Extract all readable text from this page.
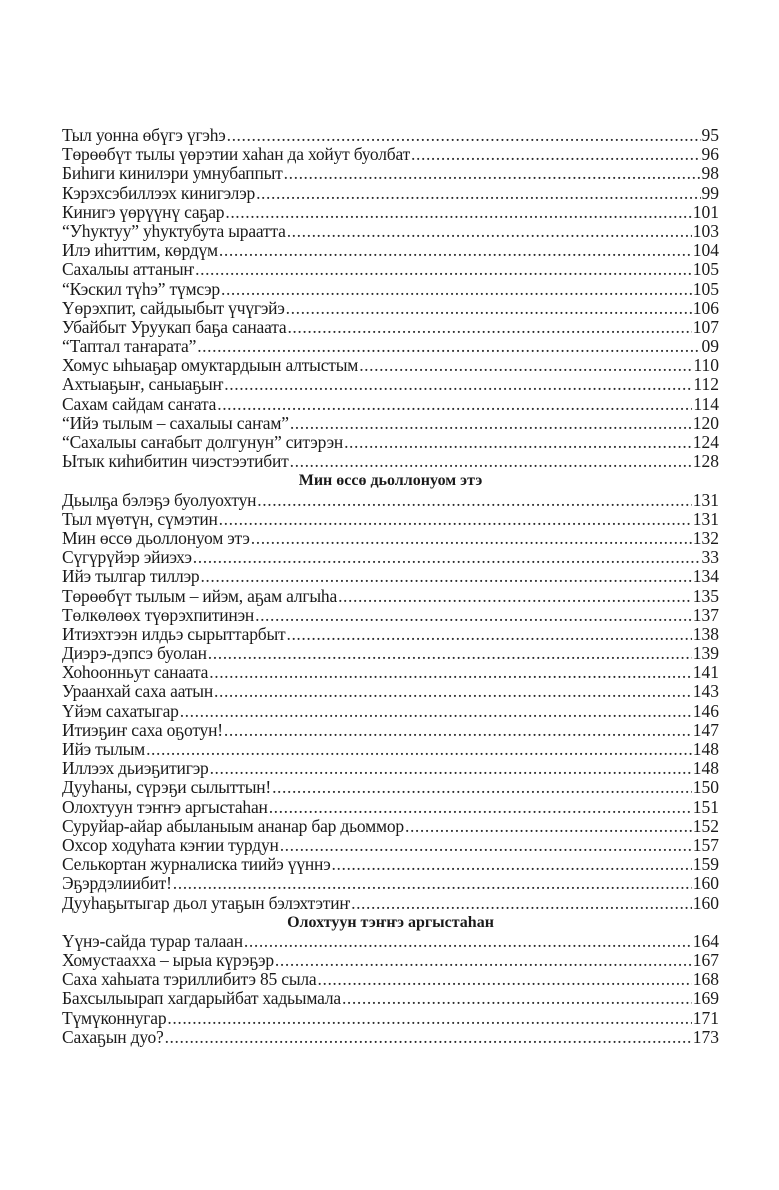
Тыл уонна өбүгэ үгэһэ .....	95
Төрөөбүт тылы үөрэтии хаһан да хойут буолбат .....	96
Биһиги кинилэри умнубаппыт .....	98
Кэрэхсэбиллээх кинигэлэр .....	99
Кинигэ үөрүүнү саҕар .....	101
“Уһуктуу” уһуктубута ыраатта .....	103
Илэ иһиттим, көрдүм .....	104
Сахалыы аттаныҥ .....	105
“Кэскил түһэ” түмсэр .....	105
Үөрэхпит, сайдыыбыт үчүгэйэ .....	106
Убайбыт Уруукап баҕа санаата .....	107
“Таптал таҥарата” .....	09
Хомус ыһыаҕар омуктардыын алтыстым .....	110
Ахтыаҕыҥ, саныаҕыҥ .....	112
Сахам сайдам саҥата .....	114
“Ийэ тылым – сахалыы саҥам” .....	120
“Сахалыы саҥабыт долгунун” ситэрэн .....	124
Ытык киһибитин чиэстээтибит .....	128
Мин өссө дьоллонуом этэ
Дьылҕа бэлэҕэ буолуохтун .....	131
Тыл мүөтүн, сүмэтин .....	131
Мин өссө дьоллонуом этэ .....	132
Сүгүрүйэр эйиэхэ .....	33
Ийэ тылгар тиллэр .....	134
Төрөөбүт тылым – ийэм, аҕам алгыһа .....	135
Төлкөлөөх түөрэхпитинэн .....	137
Итиэхтээн илдьэ сырыттарбыт .....	138
Диэрэ-дэпсэ буолан .....	139
Хоһоонньут санаата .....	141
Ураанхай саха аатын .....	143
Үйэм сахатыгар .....	146
Итиэҕиҥ саха оҕотун! .....	147
Ийэ тылым .....	148
Иллээх дьиэҕитигэр .....	148
Дууһаны, сүрэҕи сылыттын! .....	150
Олохтуун тэҥҥэ аргыстаһан .....	151
Суруйар-айар абыланыым ананар бар дьоммор .....	152
Охсор ходуһата кэҥии турдун .....	157
Селькортан журналиска тиийэ үүннэ .....	159
Эҕэрдэлиибит! .....	160
Дууһаҕытыгар дьол утаҕын бэлэхтэтиҥ .....	160
Олохтуун тэҥҥэ аргыстаһан
Үүнэ-сайда турар талаан .....	164
Хомустаахха – ырыа күрэҕэр .....	167
Саха хаһыата тэриллибитэ 85 сыла .....	168
Бахсылыырап хагдарыйбат хадьымала .....	169
Түмүконнугар .....	171
Сахаҕын дуо? .....	173
